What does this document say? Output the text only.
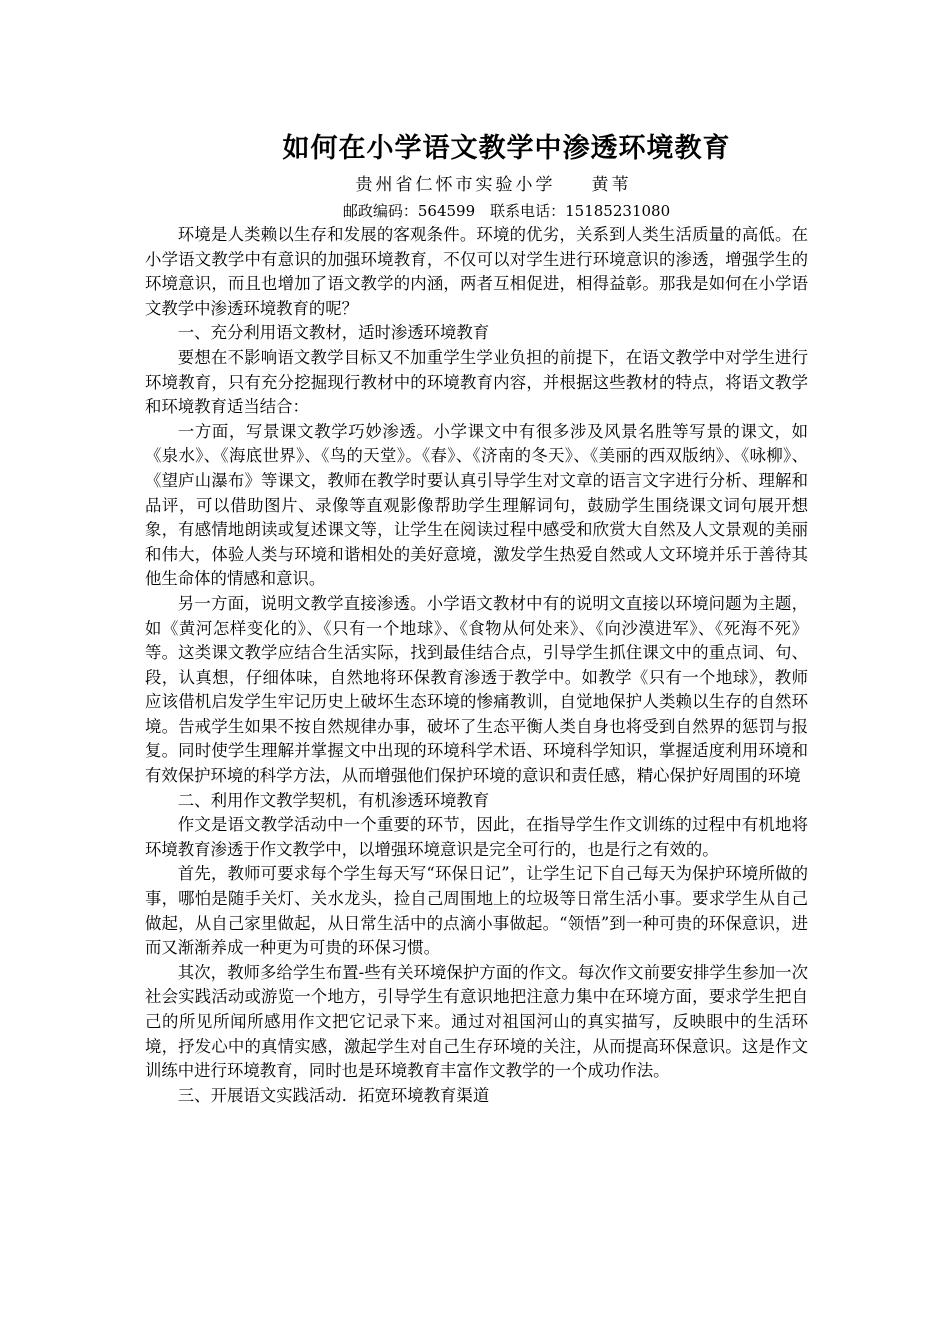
如何在小学语文教学中渗透环境教育
贵州省仁怀市实验小学 黄苇
邮政编码：564599　联系电话：15185231080

环境是人类赖以生存和发展的客观条件。环境的优劣，关系到人类生活质量的高低。在小学语文教学中有意识的加强环境教育，不仅可以对学生进行环境意识的渗透，增强学生的环境意识，而且也增加了语文教学的内涵，两者互相促进，相得益彰。那我是如何在小学语文教学中渗透环境教育的呢？

一、充分利用语文教材，适时渗透环境教育

要想在不影响语文教学目标又不加重学生学业负担的前提下，在语文教学中对学生进行环境教育，只有充分挖掘现行教材中的环境教育内容，并根据这些教材的特点，将语文教学和环境教育适当结合：

一方面，写景课文教学巧妙渗透。小学课文中有很多涉及风景名胜等写景的课文，如《泉水》、《海底世界》、《鸟的天堂》。《春》、《济南的冬天》、《美丽的西双版纳》、《咏柳》、《望庐山瀑布》等课文，教师在教学时要认真引导学生对文章的语言文字进行分析、理解和品评，可以借助图片、录像等直观影像帮助学生理解词句，鼓励学生围绕课文词句展开想象，有感情地朗读或复述课文等，让学生在阅读过程中感受和欣赏大自然及人文景观的美丽和伟大，体验人类与环境和谐相处的美好意境，激发学生热爱自然或人文环境并乐于善待其他生命体的情感和意识。

另一方面，说明文教学直接渗透。小学语文教材中有的说明文直接以环境问题为主题，如《黄河怎样变化的》、《只有一个地球》、《食物从何处来》、《向沙漠进军》、《死海不死》等。这类课文教学应结合生活实际，找到最佳结合点，引导学生抓住课文中的重点词、句、段，认真想，仔细体味，自然地将环保教育渗透于教学中。如教学《只有一个地球》，教师应该借机启发学生牢记历史上破坏生态环境的惨痛教训，自觉地保护人类赖以生存的自然环境。告戒学生如果不按自然规律办事，破坏了生态平衡人类自身也将受到自然界的惩罚与报复。同时使学生理解并掌握文中出现的环境科学术语、环境科学知识，掌握适度利用环境和有效保护环境的科学方法，从而增强他们保护环境的意识和责任感，精心保护好周围的环境

二、利用作文教学契机，有机渗透环境教育

作文是语文教学活动中一个重要的环节，因此，在指导学生作文训练的过程中有机地将环境教育渗透于作文教学中，以增强环境意识是完全可行的，也是行之有效的。

首先，教师可要求每个学生每天写“环保日记”，让学生记下自己每天为保护环境所做的事，哪怕是随手关灯、关水龙头，捡自己周围地上的垃圾等日常生活小事。要求学生从自己做起，从自己家里做起，从日常生活中的点滴小事做起。“领悟”到一种可贵的环保意识，进而又渐渐养成一种更为可贵的环保习惯。

其次，教师多给学生布置-些有关环境保护方面的作文。每次作文前要安排学生参加一次社会实践活动或游览一个地方，引导学生有意识地把注意力集中在环境方面，要求学生把自己的所见所闻所感用作文把它记录下来。通过对祖国河山的真实描写，反映眼中的生活环境，抒发心中的真情实感，激起学生对自己生存环境的关注，从而提高环保意识。这是作文训练中进行环境教育，同时也是环境教育丰富作文教学的一个成功作法。

三、开展语文实践活动．拓宽环境教育渠道
